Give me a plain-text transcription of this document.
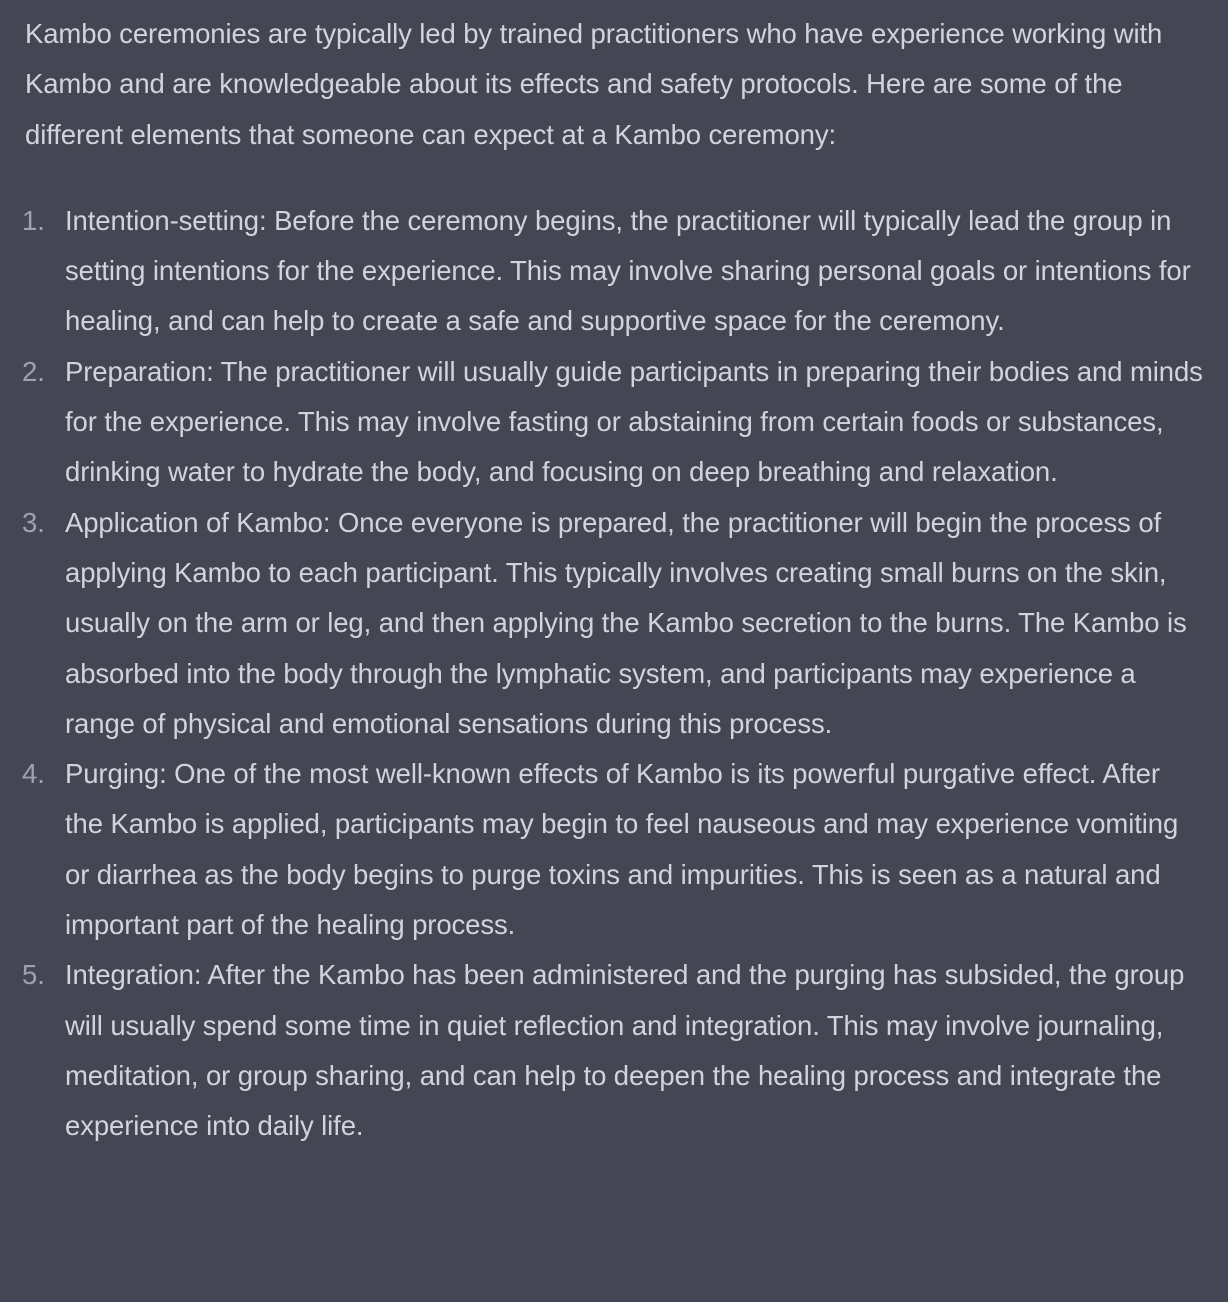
Kambo ceremonies are typically led by trained practitioners who have experience working with Kambo and are knowledgeable about its effects and safety protocols. Here are some of the different elements that someone can expect at a Kambo ceremony:

1. Intention-setting: Before the ceremony begins, the practitioner will typically lead the group in setting intentions for the experience. This may involve sharing personal goals or intentions for healing, and can help to create a safe and supportive space for the ceremony.
2. Preparation: The practitioner will usually guide participants in preparing their bodies and minds for the experience. This may involve fasting or abstaining from certain foods or substances, drinking water to hydrate the body, and focusing on deep breathing and relaxation.
3. Application of Kambo: Once everyone is prepared, the practitioner will begin the process of applying Kambo to each participant. This typically involves creating small burns on the skin, usually on the arm or leg, and then applying the Kambo secretion to the burns. The Kambo is absorbed into the body through the lymphatic system, and participants may experience a range of physical and emotional sensations during this process.
4. Purging: One of the most well-known effects of Kambo is its powerful purgative effect. After the Kambo is applied, participants may begin to feel nauseous and may experience vomiting or diarrhea as the body begins to purge toxins and impurities. This is seen as a natural and important part of the healing process.
5. Integration: After the Kambo has been administered and the purging has subsided, the group will usually spend some time in quiet reflection and integration. This may involve journaling, meditation, or group sharing, and can help to deepen the healing process and integrate the experience into daily life.
